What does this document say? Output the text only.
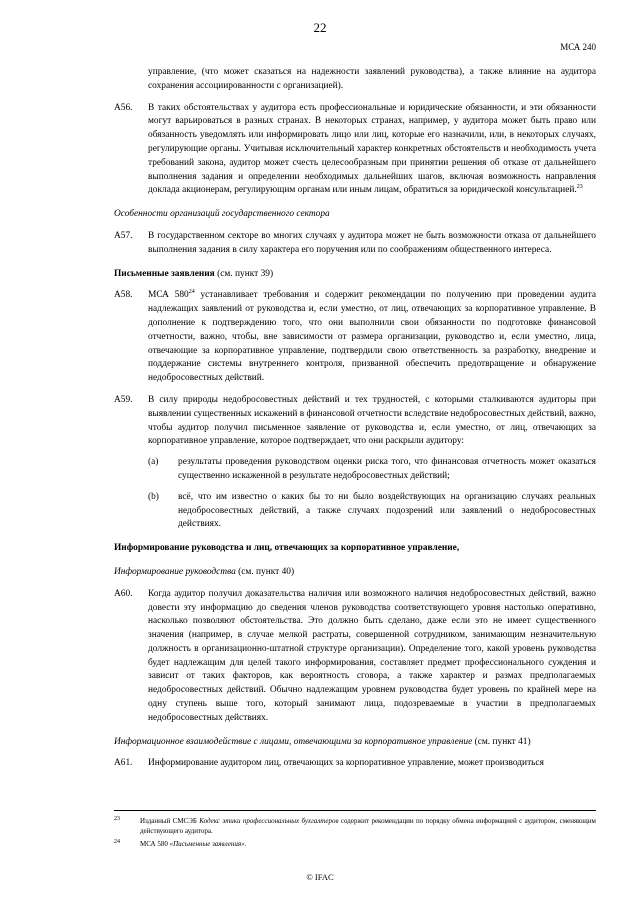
22
МСА 240
управление, (что может сказаться на надежности заявлений руководства), а также влияние на аудитора сохранения ассоциированности с организацией).
A56.	В таких обстоятельствах у аудитора есть профессиональные и юридические обязанности, и эти обязанности могут варьироваться в разных странах. В некоторых странах, например, у аудитора может быть право или обязанность уведомлять или информировать лицо или лиц, которые его назначили, или, в некоторых случаях, регулирующие органы. Учитывая исключительный характер конкретных обстоятельств и необходимость учета требований закона, аудитор может счесть целесообразным при принятии решения об отказе от дальнейшего выполнения задания и определении необходимых дальнейших шагов, включая возможность направления доклада акционерам, регулирующим органам или иным лицам, обратиться за юридической консультацией.$^{23}$
Особенности организаций государственного сектора
A57.	В государственном секторе во многих случаях у аудитора может не быть возможности отказа от дальнейшего выполнения задания в силу характера его поручения или по соображениям общественного интереса.
Письменные заявления (см. пункт 39)
A58.	МСА $580^{24}$ устанавливает требования и содержит рекомендации по получению при проведении аудита надлежащих заявлений от руководства и, если уместно, от лиц, отвечающих за корпоративное управление. В дополнение к подтверждению того, что они выполнили свои обязанности по подготовке финансовой отчетности, важно, чтобы, вне зависимости от размера организации, руководство и, если уместно, лица, отвечающие за корпоративное управление, подтвердили свою ответственность за разработку, внедрение и поддержание системы внутреннего контроля, призванной обеспечить предотвращение и обнаружение недобросовестных действий.
A59.	В силу природы недобросовестных действий и тех трудностей, с которыми сталкиваются аудиторы при выявлении существенных искажений в финансовой отчетности вследствие недобросовестных действий, важно, чтобы аудитор получил письменное заявление от руководства и, если уместно, от лиц, отвечающих за корпоративное управление, которое подтверждает, что они раскрыли аудитору:
(a) результаты проведения руководством оценки риска того, что финансовая отчетность может оказаться существенно искаженной в результате недобросовестных действий;
(b) всё, что им известно о каких бы то ни было воздействующих на организацию случаях реальных недобросовестных действий, а также случаях подозрений или заявлений о недобросовестных действиях.
Информирование руководства и лиц, отвечающих за корпоративное управление,
Информирование руководства (см. пункт 40)
A60.	Когда аудитор получил доказательства наличия или возможного наличия недобросовестных действий, важно довести эту информацию до сведения членов руководства соответствующего уровня настолько оперативно, насколько позволяют обстоятельства. Это должно быть сделано, даже если это не имеет существенного значения (например, в случае мелкой растраты, совершенной сотрудником, занимающим незначительную должность в организационно-штатной структуре организации). Определение того, какой уровень руководства будет надлежащим для целей такого информирования, составляет предмет профессионального суждения и зависит от таких факторов, как вероятность сговора, а также характер и размах предполагаемых недобросовестных действий. Обычно надлежащим уровнем руководства будет уровень по крайней мере на одну ступень выше того, который занимают лица, подозреваемые в участии в предполагаемых недобросовестных действиях.
Информационное взаимодействие с лицами, отвечающими за корпоративное управление (см. пункт 41)
A61.	Информирование аудитором лиц, отвечающих за корпоративное управление, может производиться
23	Изданный СМСЭБ Кодекс этики профессиональных бухгалтеров содержит рекомендации по порядку обмена информацией с аудитором, сменяющим действующего аудитора.
24	МСА 580 «Письменные заявления».
© IFAC
